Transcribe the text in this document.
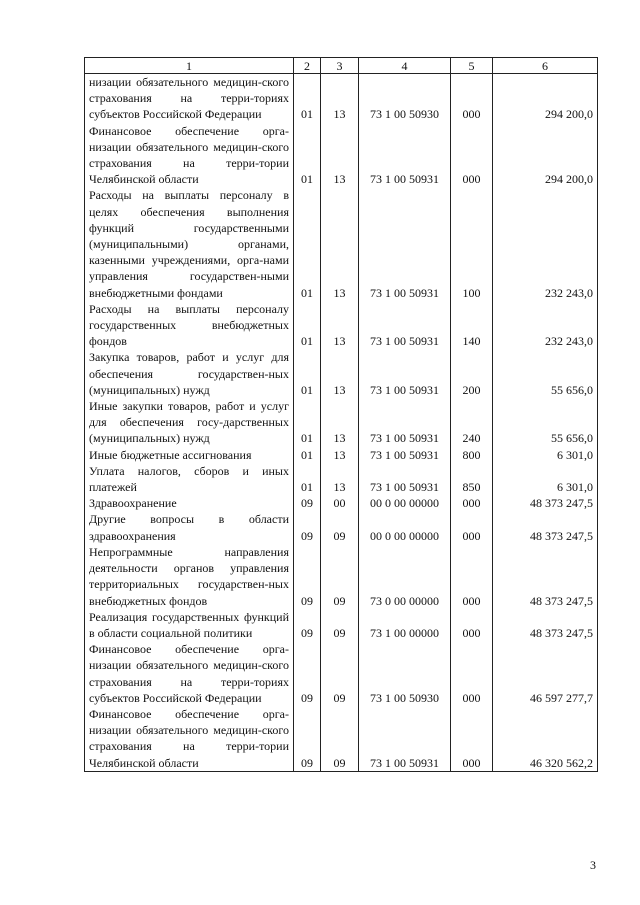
1	2	3	4	5	6
низации обязательного медицин-ского страхования на терри-ториях субъектов Российской Федерации	01	13	73 1 00 50930	000	294 200,0
Финансовое обеспечение орга-низации обязательного медицин-ского страхования на терри-тории Челябинской области	01	13	73 1 00 50931	000	294 200,0
Расходы на выплаты персоналу в целях обеспечения выполнения функций государственными (муниципальными) органами, казенными учреждениями, орга-нами управления государствен-ными внебюджетными фондами	01	13	73 1 00 50931	100	232 243,0
Расходы на выплаты персоналу государственных внебюджетных фондов	01	13	73 1 00 50931	140	232 243,0
Закупка товаров, работ и услуг для обеспечения государствен-ных (муниципальных) нужд	01	13	73 1 00 50931	200	55 656,0
Иные закупки товаров, работ и услуг для обеспечения госу-дарственных (муниципальных) нужд	01	13	73 1 00 50931	240	55 656,0
Иные бюджетные ассигнования	01	13	73 1 00 50931	800	6 301,0
Уплата налогов, сборов и иных платежей	01	13	73 1 00 50931	850	6 301,0
Здравоохранение	09	00	00 0 00 00000	000	48 373 247,5
Другие вопросы в области здравоохранения	09	09	00 0 00 00000	000	48 373 247,5
Непрограммные направления деятельности органов управления территориальных государствен-ных внебюджетных фондов	09	09	73 0 00 00000	000	48 373 247,5
Реализация государственных функций в области социальной политики	09	09	73 1 00 00000	000	48 373 247,5
Финансовое обеспечение орга-низации обязательного медицин-ского страхования на терри-ториях субъектов Российской Федерации	09	09	73 1 00 50930	000	46 597 277,7
Финансовое обеспечение орга-низации обязательного медицин-ского страхования на терри-тории Челябинской области	09	09	73 1 00 50931	000	46 320 562,2
3
